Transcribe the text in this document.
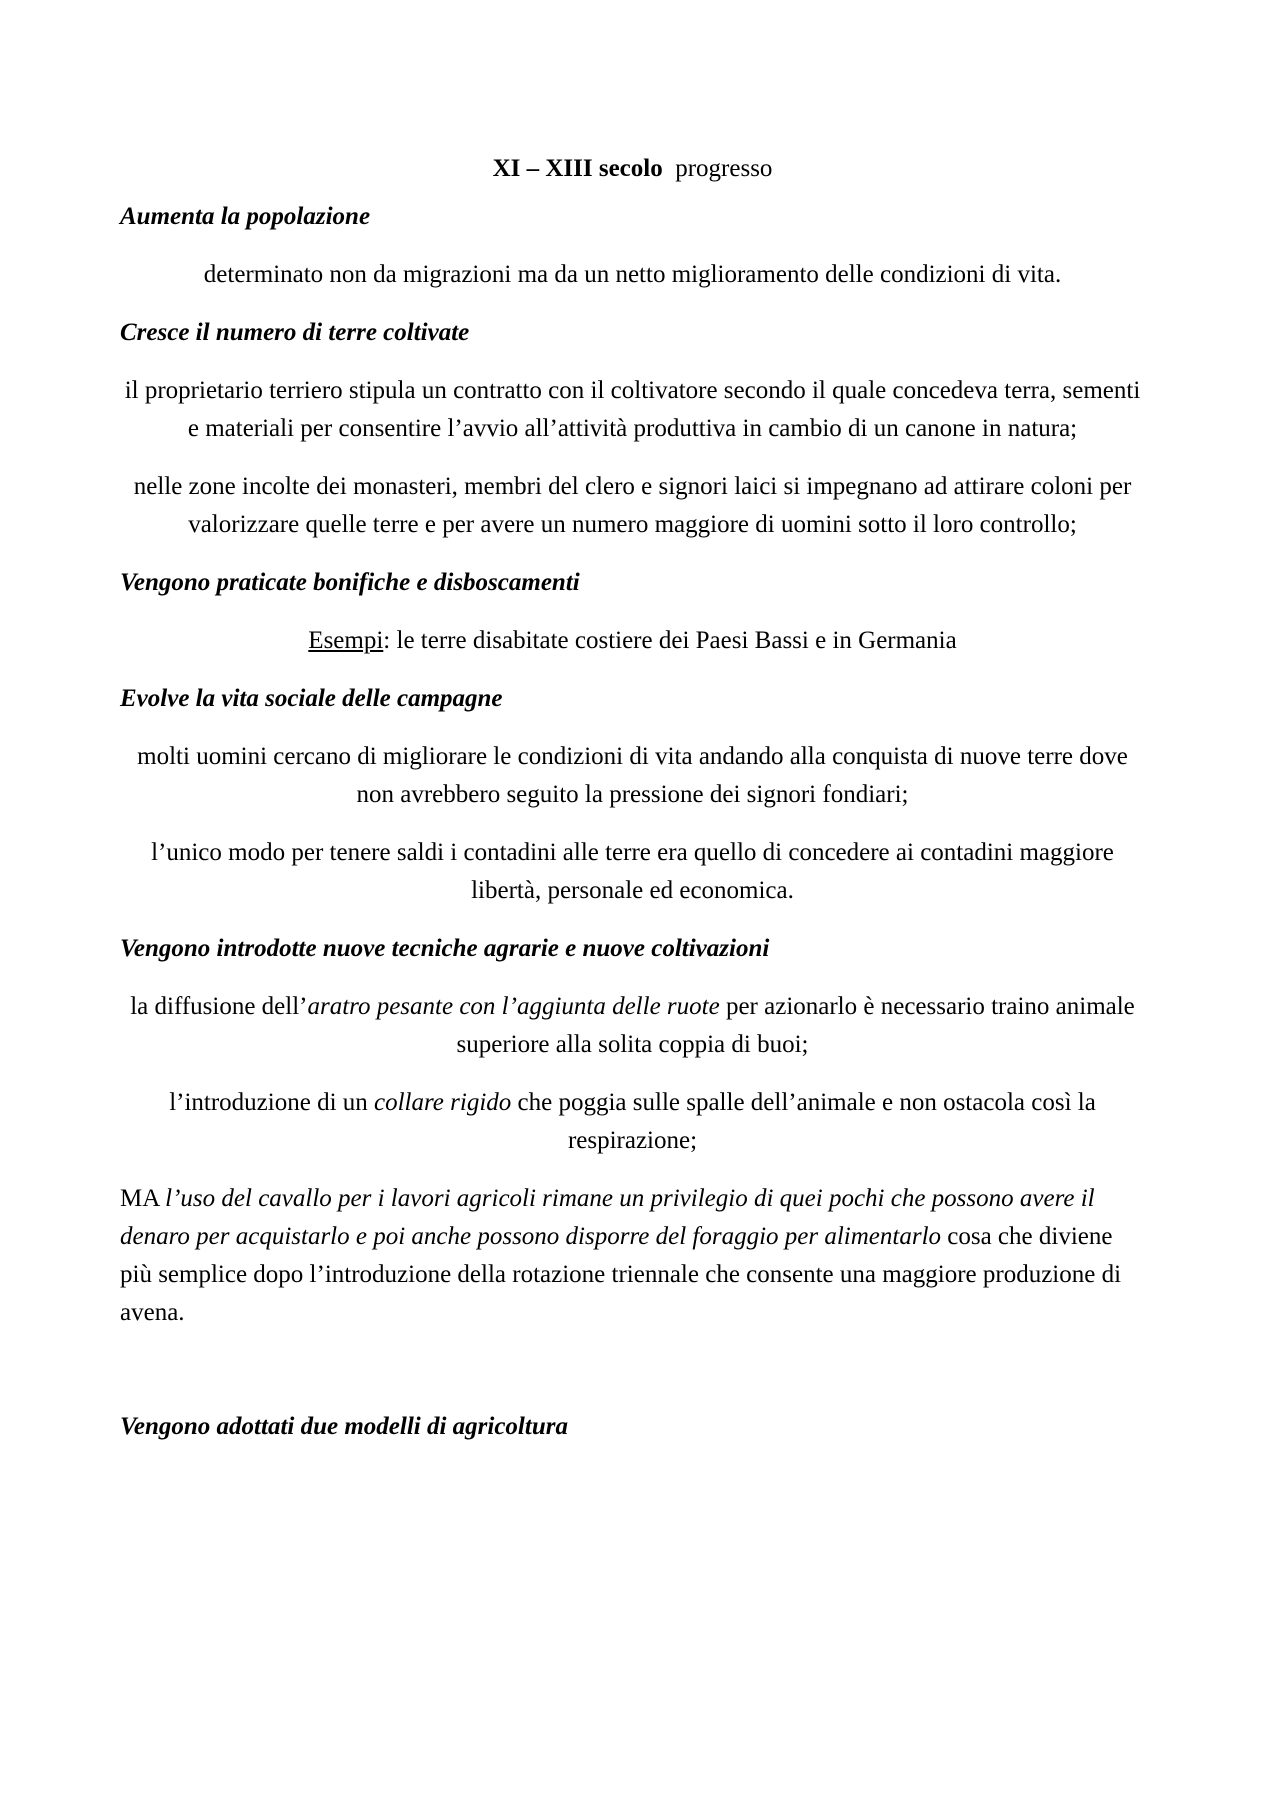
XI – XIII secolo progresso

Aumenta la popolazione

determinato non da migrazioni ma da un netto miglioramento delle condizioni di vita.

Cresce il numero di terre coltivate

il proprietario terriero stipula un contratto con il coltivatore secondo il quale concedeva terra, sementi e materiali per consentire l’avvio all’attività produttiva in cambio di un canone in natura;

nelle zone incolte dei monasteri, membri del clero e signori laici si impegnano ad attirare coloni per valorizzare quelle terre e per avere un numero maggiore di uomini sotto il loro controllo;

Vengono praticate bonifiche e disboscamenti

Esempi: le terre disabitate costiere dei Paesi Bassi e in Germania

Evolve la vita sociale delle campagne

molti uomini cercano di migliorare le condizioni di vita andando alla conquista di nuove terre dove non avrebbero seguito la pressione dei signori fondiari;

l’unico modo per tenere saldi i contadini alle terre era quello di concedere ai contadini maggiore libertà, personale ed economica.

Vengono introdotte nuove tecniche agrarie e nuove coltivazioni

la diffusione dell’aratro pesante con l’aggiunta delle ruote per azionarlo è necessario traino animale superiore alla solita coppia di buoi;

l’introduzione di un collare rigido che poggia sulle spalle dell’animale e non ostacola così la respirazione;

MA l’uso del cavallo per i lavori agricoli rimane un privilegio di quei pochi che possono avere il denaro per acquistarlo e poi anche possono disporre del foraggio per alimentarlo cosa che diviene più semplice dopo l’introduzione della rotazione triennale che consente una maggiore produzione di avena.

Vengono adottati due modelli di agricoltura
